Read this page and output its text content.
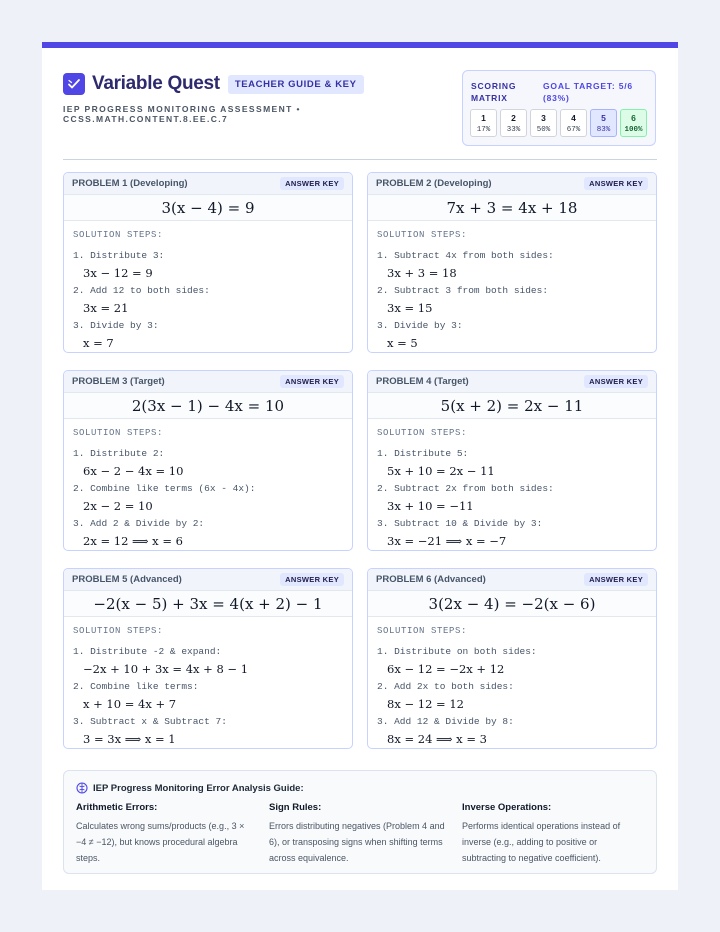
Variable Quest	TEACHER GUIDE & KEY
IEP PROGRESS MONITORING ASSESSMENT • CCSS.MATH.CONTENT.8.EE.C.7
SCORING MATRIX
GOAL TARGET: 5/6 (83%)
1
17%
2
33%
3
50%
4
67%
5
83%
6
100%
PROBLEM 1 (Developing)	ANSWER KEY
3(x − 4) = 9
SOLUTION STEPS:
1. Distribute 3:
3x − 12 = 9
2. Add 12 to both sides:
3x = 21
3. Divide by 3:
x = 7
PROBLEM 2 (Developing)	ANSWER KEY
7x + 3 = 4x + 18
SOLUTION STEPS:
1. Subtract 4x from both sides:
3x + 3 = 18
2. Subtract 3 from both sides:
3x = 15
3. Divide by 3:
x = 5
PROBLEM 3 (Target)	ANSWER KEY
2(3x − 1) − 4x = 10
SOLUTION STEPS:
1. Distribute 2:
6x − 2 − 4x = 10
2. Combine like terms (6x - 4x):
2x − 2 = 10
3. Add 2 & Divide by 2:
2x = 12 ⟹ x = 6
PROBLEM 4 (Target)	ANSWER KEY
5(x + 2) = 2x − 11
SOLUTION STEPS:
1. Distribute 5:
5x + 10 = 2x − 11
2. Subtract 2x from both sides:
3x + 10 = −11
3. Subtract 10 & Divide by 3:
3x = −21 ⟹ x = −7
PROBLEM 5 (Advanced)	ANSWER KEY
−2(x − 5) + 3x = 4(x + 2) − 1
SOLUTION STEPS:
1. Distribute -2 & expand:
−2x + 10 + 3x = 4x + 8 − 1
2. Combine like terms:
x + 10 = 4x + 7
3. Subtract x & Subtract 7:
3 = 3x ⟹ x = 1
PROBLEM 6 (Advanced)	ANSWER KEY
3(2x − 4) = −2(x − 6)
SOLUTION STEPS:
1. Distribute on both sides:
6x − 12 = −2x + 12
2. Add 2x to both sides:
8x − 12 = 12
3. Add 12 & Divide by 8:
8x = 24 ⟹ x = 3
IEP Progress Monitoring Error Analysis Guide:
Arithmetic Errors:

Calculates wrong sums/products (e.g., 3 × −4 ≠ −12), but knows procedural algebra steps.

Sign Rules:

Errors distributing negatives (Problem 4 and 6), or transposing signs when shifting terms across equivalence.

Inverse Operations:

Performs identical operations instead of inverse (e.g., adding to positive or subtracting to negative coefficient).
